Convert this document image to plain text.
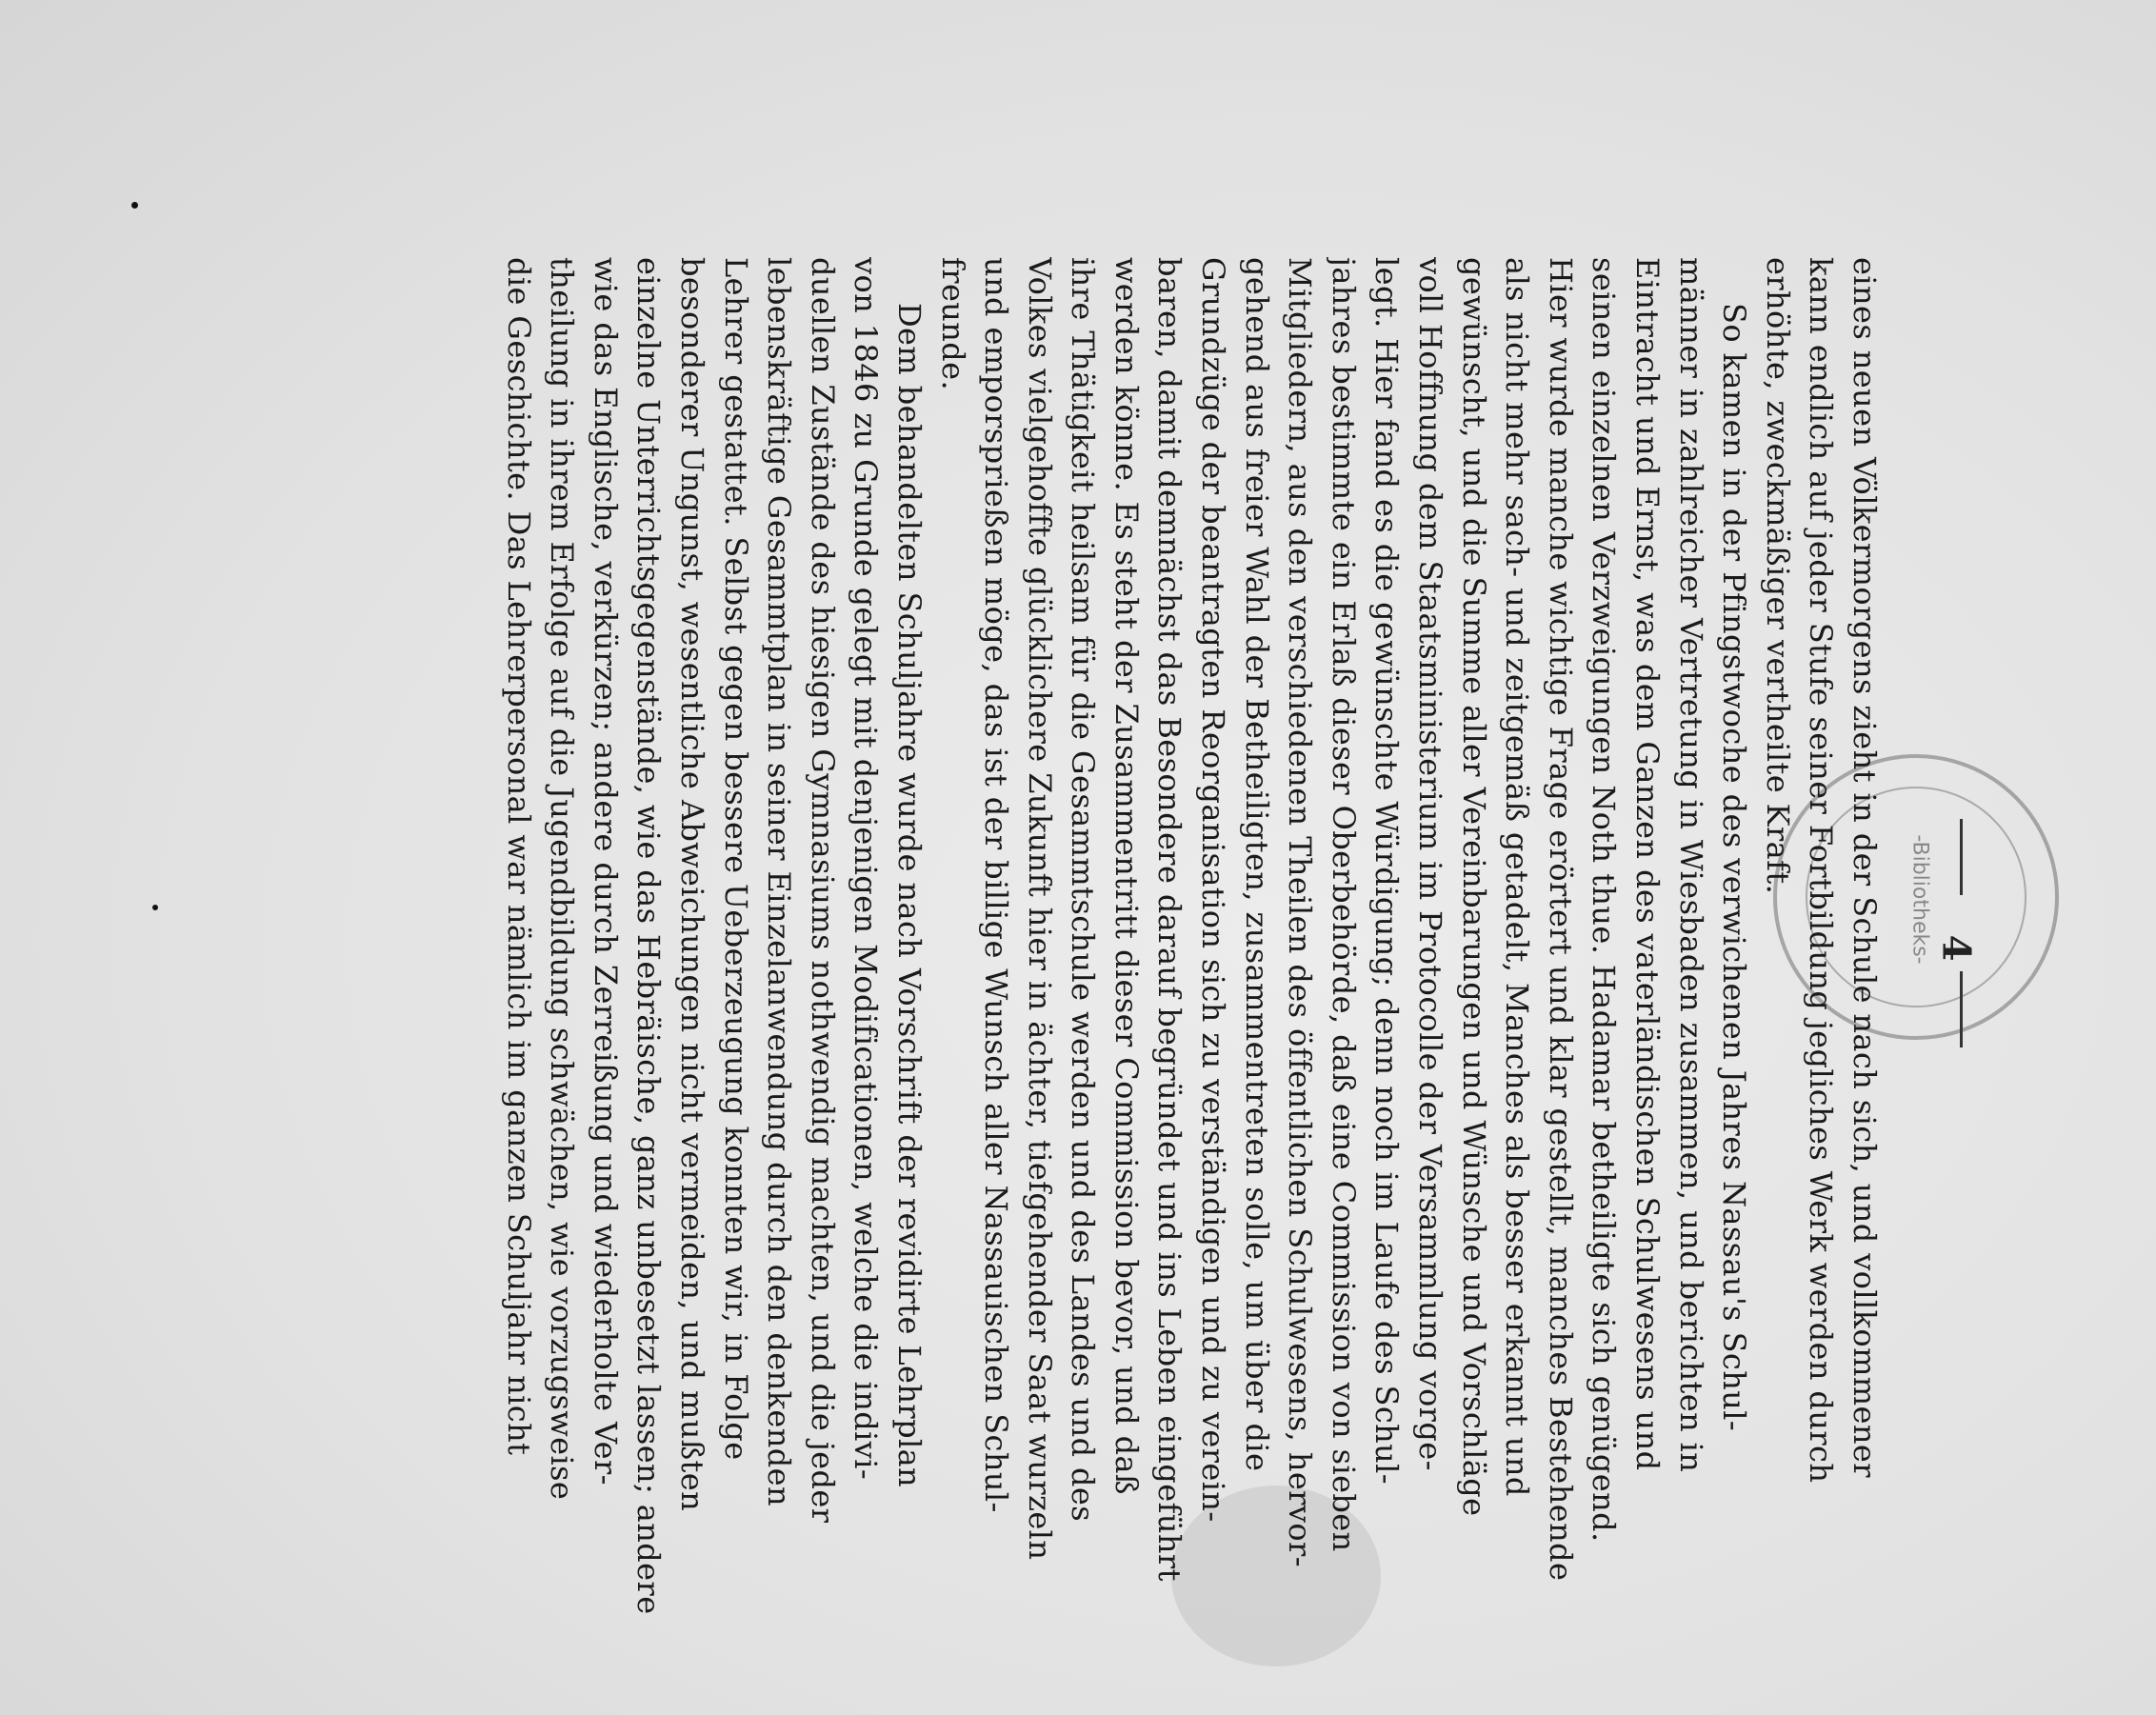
4
-Bibliotheks-
eines neuen Völkermorgens zieht in der Schule nach sich, und vollkommener
kann endlich auf jeder Stufe seiner Fortbildung jegliches Werk werden durch
erhöhte, zweckmäßiger vertheilte Kraft.
So kamen in der Pfingstwoche des verwichenen Jahres Nassau's Schul-
männer in zahlreicher Vertretung in Wiesbaden zusammen, und berichten in
Eintracht und Ernst, was dem Ganzen des vaterländischen Schulwesens und
seinen einzelnen Verzweigungen Noth thue. Hadamar betheiligte sich genügend.
Hier wurde manche wichtige Frage erörtert und klar gestellt, manches Bestehende
als nicht mehr sach- und zeitgemäß getadelt, Manches als besser erkannt und
gewünscht, und die Summe aller Vereinbarungen und Wünsche und Vorschläge
voll Hoffnung dem Staatsministerium im Protocolle der Versammlung vorge-
legt. Hier fand es die gewünschte Würdigung; denn noch im Laufe des Schul-
jahres bestimmte ein Erlaß dieser Oberbehörde, daß eine Commission von sieben
Mitgliedern, aus den verschiedenen Theilen des öffentlichen Schulwesens, hervor-
gehend aus freier Wahl der Betheiligten, zusammentreten solle, um über die
Grundzüge der beantragten Reorganisation sich zu verständigen und zu verein-
baren, damit demnächst das Besondere darauf begründet und ins Leben eingeführt
werden könne. Es steht der Zusammentritt dieser Commission bevor, und daß
ihre Thätigkeit heilsam für die Gesammtschule werden und des Landes und des
Volkes vielgehoffte glücklichere Zukunft hier in ächter, tiefgehender Saat wurzeln
und emporsprießen möge, das ist der billige Wunsch aller Nassauischen Schul-
freunde.
Dem behandelten Schuljahre wurde nach Vorschrift der revidirte Lehrplan
von 1846 zu Grunde gelegt mit denjenigen Modificationen, welche die indivi-
duellen Zustände des hiesigen Gymnasiums nothwendig machten, und die jeder
lebenskräftige Gesammtplan in seiner Einzelanwendung durch den denkenden
Lehrer gestattet. Selbst gegen bessere Ueberzeugung konnten wir, in Folge
besonderer Ungunst, wesentliche Abweichungen nicht vermeiden, und mußten
einzelne Unterrichtsgegenstände, wie das Hebräische, ganz unbesetzt lassen; andere
wie das Englische, verkürzen; andere durch Zerreißung und wiederholte Ver-
theilung in ihrem Erfolge auf die Jugendbildung schwächen, wie vorzugsweise
die Geschichte. Das Lehrerpersonal war nämlich im ganzen Schuljahr nicht
